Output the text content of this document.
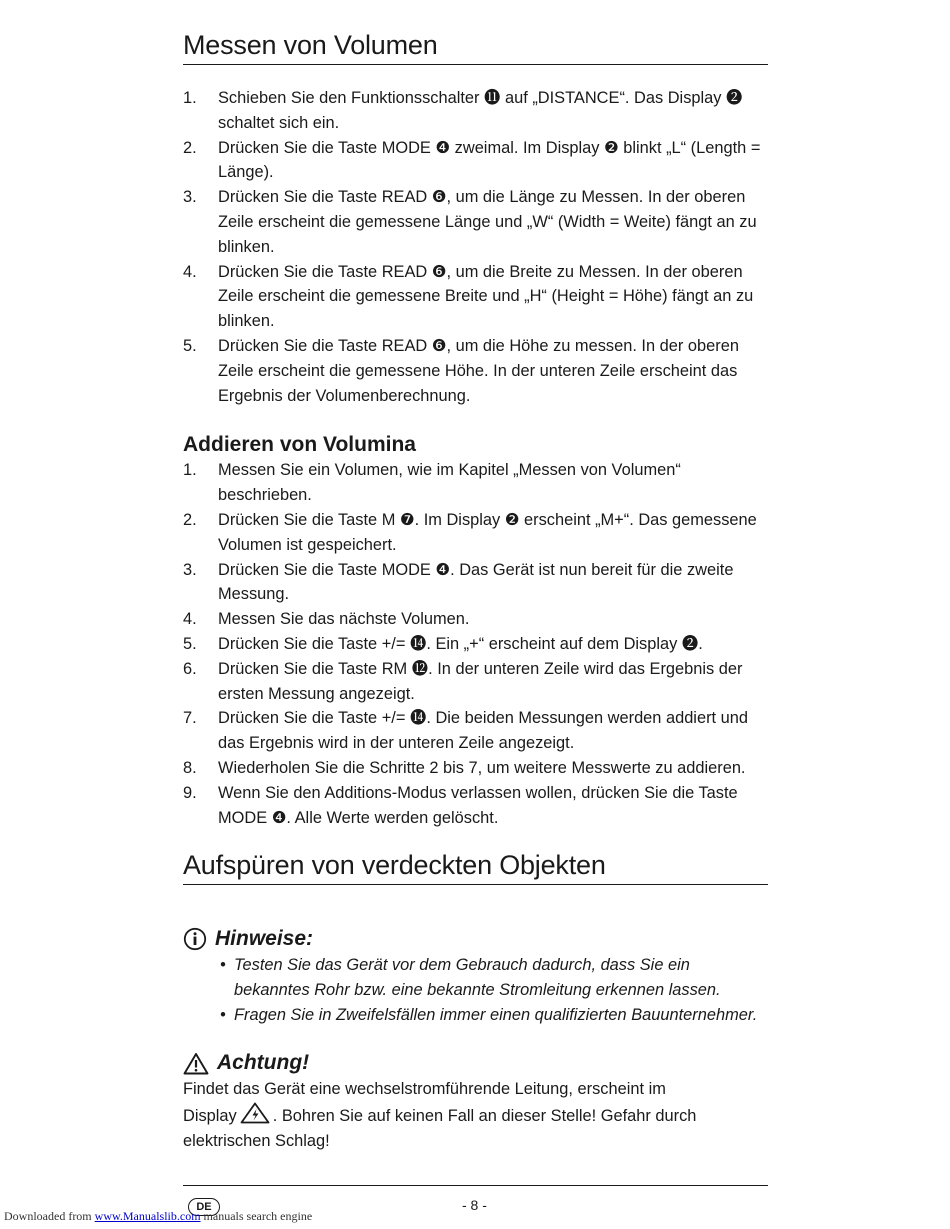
Messen von Volumen
1. Schieben Sie den Funktionsschalter ⓫ auf „DISTANCE“. Das Display ❷ schaltet sich ein.
2. Drücken Sie die Taste MODE ❹ zweimal. Im Display ❷ blinkt „L“ (Length = Länge).
3. Drücken Sie die Taste READ ❻, um die Länge zu Messen. In der oberen Zeile erscheint die gemessene Länge und „W“ (Width = Weite) fängt an zu blinken.
4. Drücken Sie die Taste READ ❻, um die Breite zu Messen. In der oberen Zeile erscheint die gemessene Breite und „H“ (Height = Höhe) fängt an zu blinken.
5. Drücken Sie die Taste READ ❻, um die Höhe zu messen. In der oberen Zeile erscheint die gemessene Höhe. In der unteren Zeile erscheint das Ergebnis der Volumenberechnung.
Addieren von Volumina
1. Messen Sie ein Volumen, wie im Kapitel „Messen von Volumen“ beschrieben.
2. Drücken Sie die Taste M ❼. Im Display ❷ erscheint „M+“. Das gemessene Volumen ist gespeichert.
3. Drücken Sie die Taste MODE ❹. Das Gerät ist nun bereit für die zweite Messung.
4. Messen Sie das nächste Volumen.
5. Drücken Sie die Taste +/= ⓮. Ein „+“ erscheint auf dem Display ❷.
6. Drücken Sie die Taste RM ⓬. In der unteren Zeile wird das Ergebnis der ersten Messung angezeigt.
7. Drücken Sie die Taste +/= ⓮. Die beiden Messungen werden addiert und das Ergebnis wird in der unteren Zeile angezeigt.
8. Wiederholen Sie die Schritte 2 bis 7, um weitere Messwerte zu addieren.
9. Wenn Sie den Additions-Modus verlassen wollen, drücken Sie die Taste MODE ❹. Alle Werte werden gelöscht.
Aufspüren von verdeckten Objekten
Hinweise:
• Testen Sie das Gerät vor dem Gebrauch dadurch, dass Sie ein bekanntes Rohr bzw. eine bekannte Stromleitung erkennen lassen.
• Fragen Sie in Zweifelsfällen immer einen qualifizierten Bauunternehmer.
Achtung!

Findet das Gerät eine wechselstromführende Leitung, erscheint im Display . Bohren Sie auf keinen Fall an dieser Stelle! Gefahr durch elektrischen Schlag!

DE	- 8 -
Downloaded from www.Manualslib.com manuals search engine
